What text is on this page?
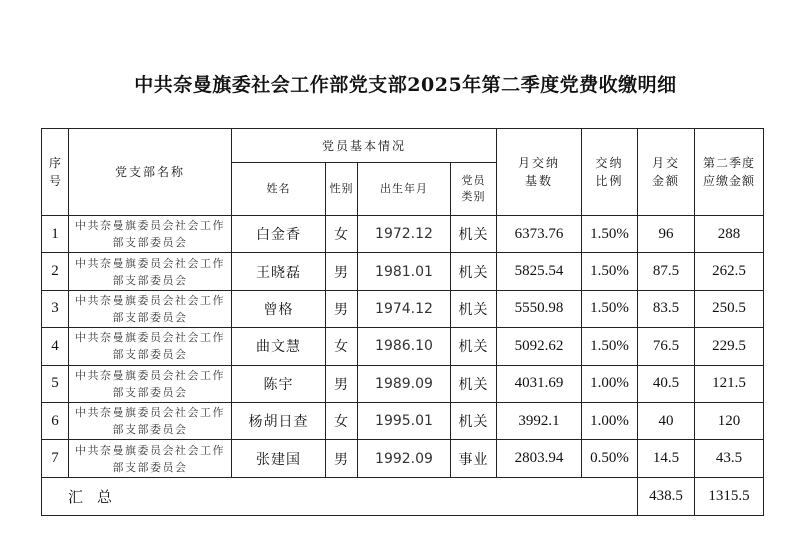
中共奈曼旗委社会工作部党支部2025年第二季度党费收缴明细
序号	党支部名称	党员基本情况				月交纳基数	交纳比例	月交金额	第二季度应缴金额

		姓名	性别	出生年月	党员类别				

1	中共奈曼旗委员会社会工作部支部委员会	白金香	女	1972.12	机关	6373.76	1.50%	96	288
2	中共奈曼旗委员会社会工作部支部委员会	王晓磊	男	1981.01	机关	5825.54	1.50%	87.5	262.5
3	中共奈曼旗委员会社会工作部支部委员会	曾格	男	1974.12	机关	5550.98	1.50%	83.5	250.5
4	中共奈曼旗委员会社会工作部支部委员会	曲文慧	女	1986.10	机关	5092.62	1.50%	76.5	229.5
5	中共奈曼旗委员会社会工作部支部委员会	陈宇	男	1989.09	机关	4031.69	1.00%	40.5	121.5
6	中共奈曼旗委员会社会工作部支部委员会	杨胡日查	女	1995.01	机关	3992.1	1.00%	40	120
7	中共奈曼旗委员会社会工作部支部委员会	张建国	男	1992.09	事业	2803.94	0.50%	14.5	43.5
汇总								438.5	1315.5
